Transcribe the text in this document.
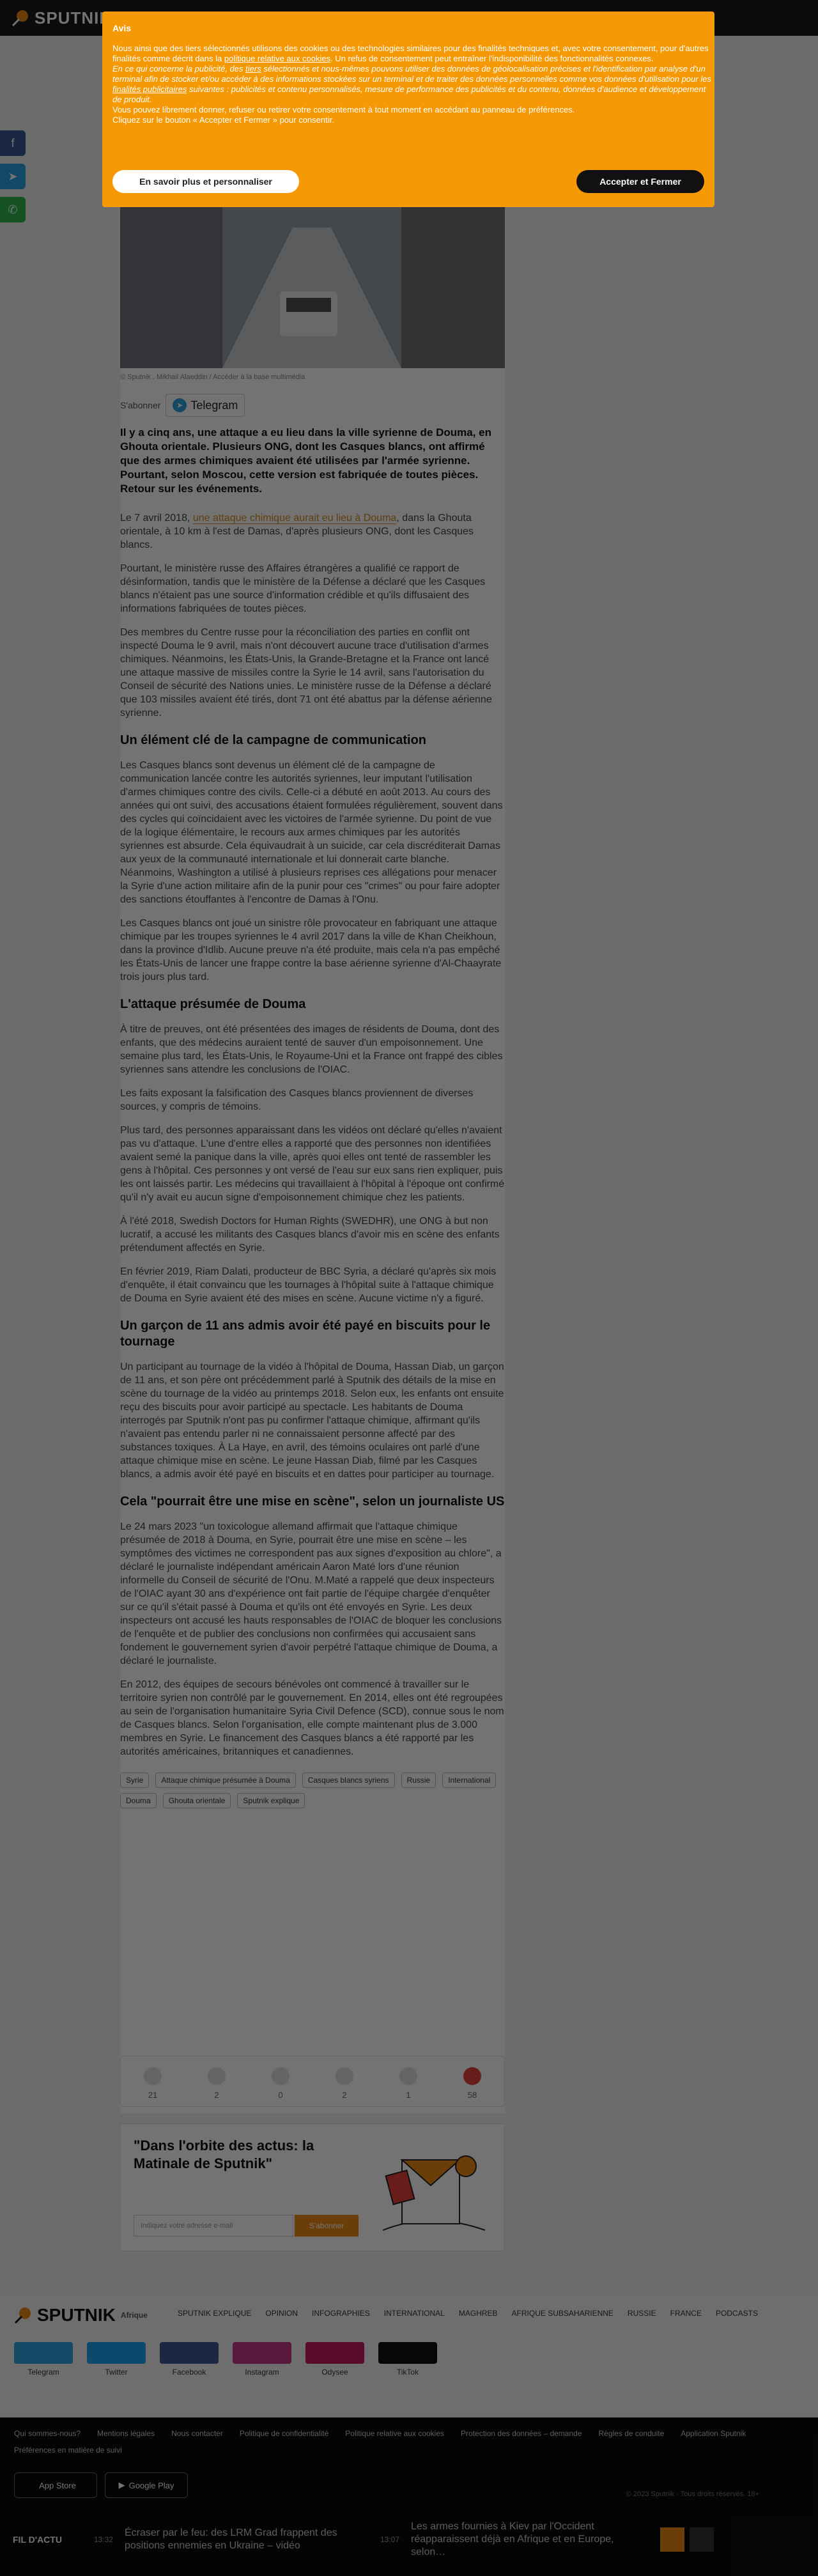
Avis
Nous ainsi que des tiers sélectionnés utilisons des cookies ou des technologies similaires pour des finalités techniques et, avec votre consentement, pour d'autres finalités comme décrit dans la politique relative aux cookies. Un refus de consentement peut entraîner l'indisponibilité des fonctionnalités connexes.
En ce qui concerne la publicité, des tiers sélectionnés et nous-mêmes pouvons utiliser des données de géolocalisation précises et l'identification par analyse d'un terminal afin de stocker et/ou accéder à des informations stockées sur un terminal et de traiter des données personnelles comme vos données d'utilisation pour les finalités publicitaires suivantes : publicités et contenu personnalisés, mesure de performance des publicités et du contenu, données d'audience et développement de produit.
Vous pouvez librement donner, refuser ou retirer votre consentement à tout moment en accédant au panneau de préférences.
Cliquez sur le bouton « Accepter et Fermer » pour consentir.
En savoir plus et personnaliser	Accepter et Fermer
